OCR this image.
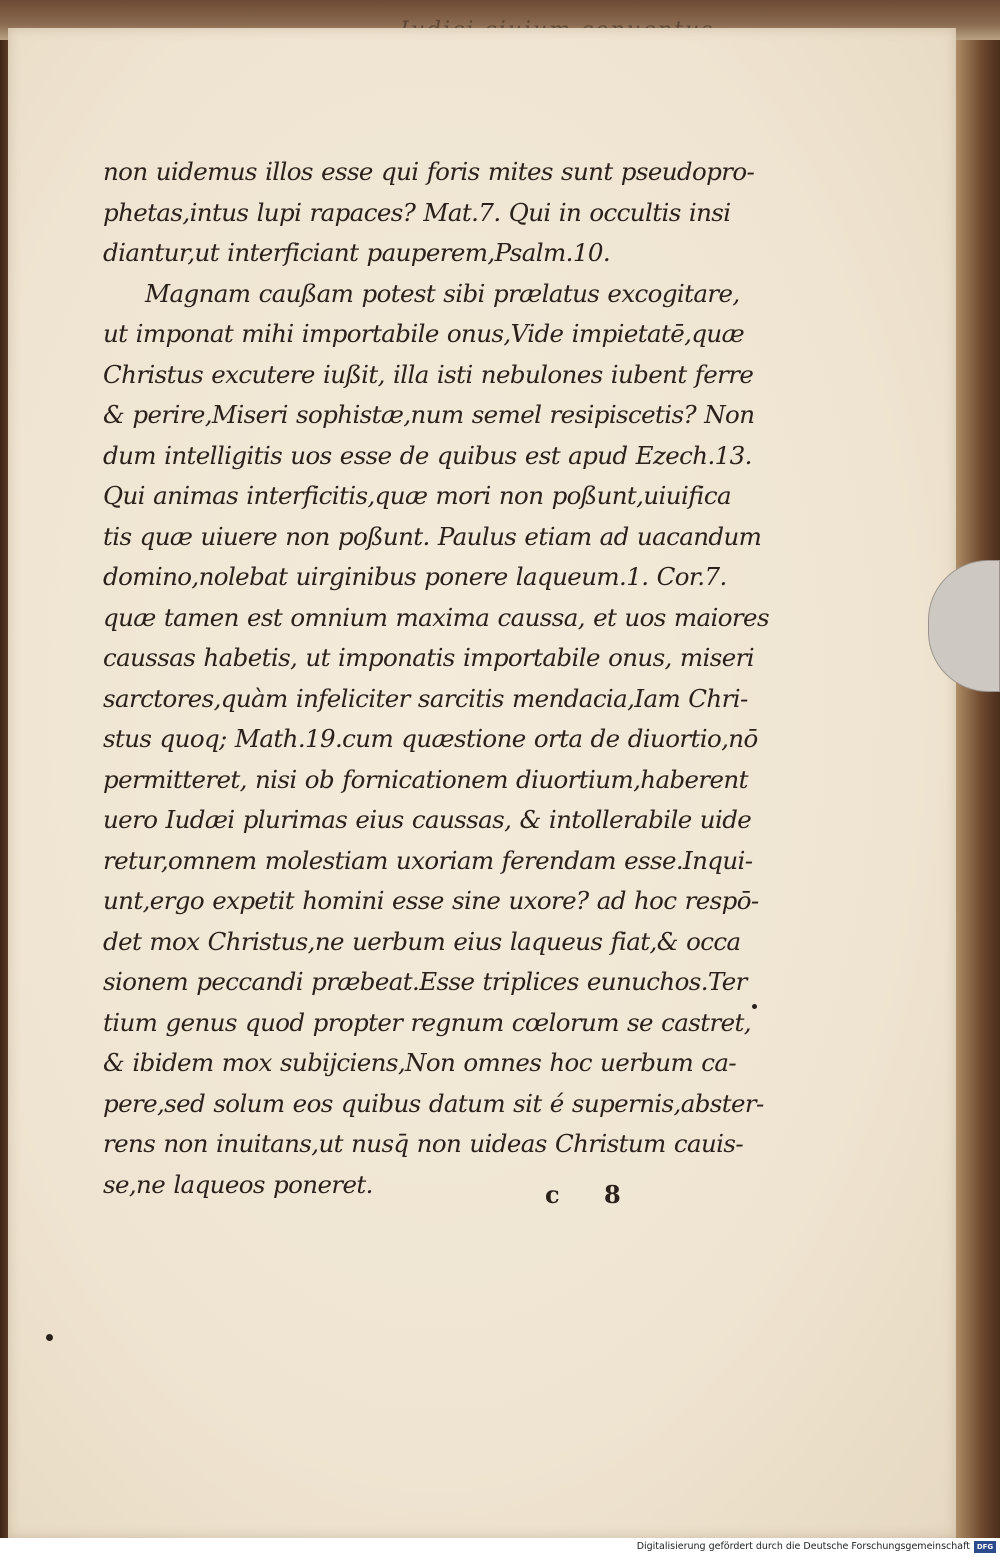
non uidemus illos esse qui foris mites sunt pseudopro-
phetas,intus lupi rapaces? Mat.7. Qui in occultis insi
diantur,ut interficiant pauperem,Psalm.10.
Magnam caußam potest sibi prælatus excogitare,
ut imponat mihi importabile onus,Vide impietatē,quæ
Christus excutere iußit, illa isti nebulones iubent ferre
& perire,Miseri sophistæ,num semel resipiscetis? Non
dum intelligitis uos esse de quibus est apud Ezech.13.
Qui animas interficitis,quæ mori non poßunt,uiuifica
tis quæ uiuere non poßunt. Paulus etiam ad uacandum
domino,nolebat uirginibus ponere laqueum.1. Cor.7.
quæ tamen est omnium maxima caussa, et uos maiores
caussas habetis, ut imponatis importabile onus, miseri
sarctores,quàm infeliciter sarcitis mendacia,Iam Chri-
stus quoq; Math.19.cum quæstione orta de diuortio,nō
permitteret, nisi ob fornicationem diuortium,haberent
uero Iudæi plurimas eius caussas, & intollerabile uide
retur,omnem molestiam uxoriam ferendam esse.Inqui-
unt,ergo expetit homini esse sine uxore? ad hoc respō-
det mox Christus,ne uerbum eius laqueus fiat,& occa
sionem peccandi præbeat.Esse triplices eunuchos.Ter
tium genus quod propter regnum cœlorum se castret,
& ibidem mox subijciens,Non omnes hoc uerbum ca-
pere,sed solum eos quibus datum sit é supernis,abster-
rens non inuitans,ut nusq̄ non uideas Christum cauis-
se,ne laqueos poneret.	c 8
Digitalisierung gefördert durch die Deutsche Forschungsgemeinschaft DFG
